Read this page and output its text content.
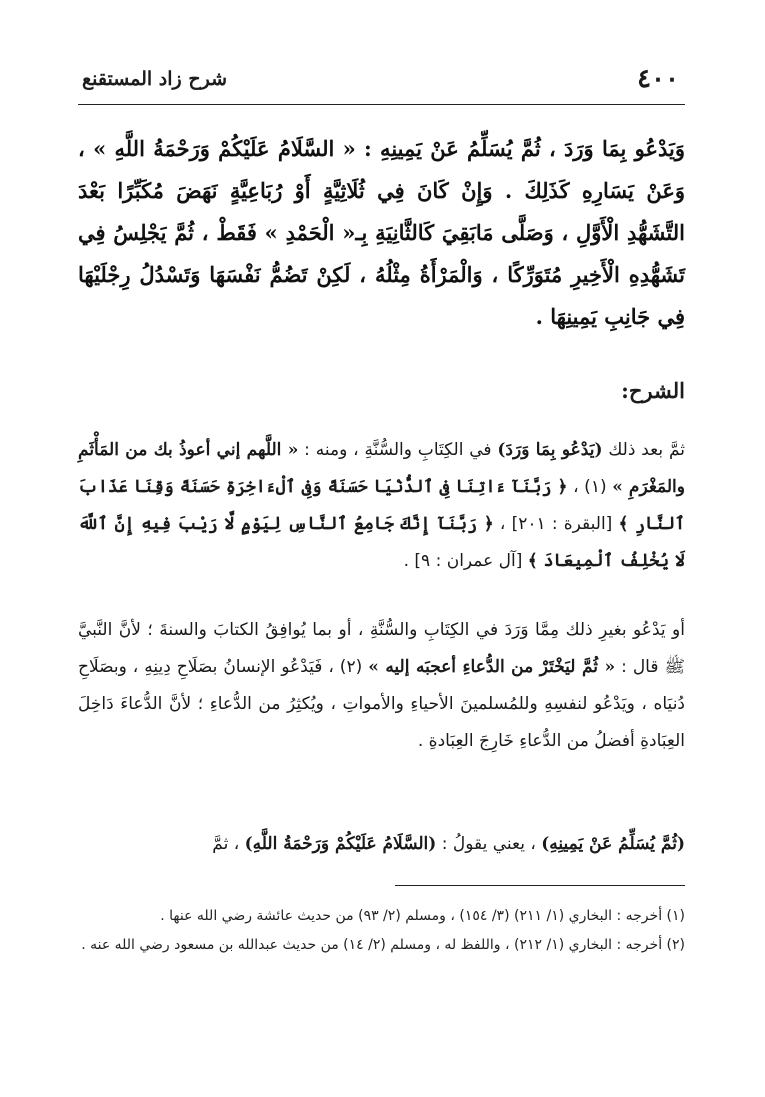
٤٠٠
شرح زاد المستقنع
وَيَدْعُو بِمَا وَرَدَ ، ثُمَّ يُسَلِّمُ عَنْ يَمِينِهِ : « السَّلَامُ عَلَيْكُمْ وَرَحْمَةُ اللَّهِ » ، وَعَنْ يَسَارِهِ كَذَلِكَ . وَإِنْ كَانَ فِي ثُلَاثِيَّةٍ أَوْ رُبَاعِيَّةٍ نَهَضَ مُكَبِّرًا بَعْدَ التَّشَهُّدِ الْأَوَّلِ ، وَصَلَّى مَابَقِيَ كَالثَّانِيَةِ بِـ« الْحَمْدِ » فَقَطْ ، ثُمَّ يَجْلِسُ فِي تَشَهُّدِهِ الْأَخِيرِ مُتَوَرِّكًا ، وَالْمَرْأَةُ مِثْلُهُ ، لَكِنْ تَضُمُّ نَفْسَهَا وَتَسْدُلُ رِجْلَيْهَا فِي جَانِبِ يَمِينِهَا .
الشرح:
ثمَّ بعد ذلك (يَدْعُو بِمَا وَرَدَ) في الكِتَابِ والسُّنَّةِ ، ومنه : « اللَّهم إني أعوذُ بك من المَأْثَمِ والمَغْرَمِ » (١) ، ﴿ رَبَّنَآ ءَاتِنَا فِى ٱلدُّنْيَا حَسَنَةً وَفِى ٱلْءَاخِرَةِ حَسَنَةً وَقِنَا عَذَابَ ٱلنَّارِ ﴾ [البقرة : ٢٠١] ، ﴿ رَبَّنَآ إِنَّكَ جَامِعُ ٱلنَّاسِ لِيَوْمٍ لَّا رَيْبَ فِيهِ إِنَّ ٱللَّهَ لَا يُخْلِفُ ٱلْمِيعَادَ ﴾ [آل عمران : ٩] .
أو يَدْعُو بغيرِ ذلك مِمَّا وَرَدَ في الكِتَابِ والسُّنَّةِ ، أو بما يُوافِقُ الكتابَ والسنةَ ؛ لأنَّ النَّبيَّ ﷺ قال : « ثُمَّ ليَخْتَرْ من الدُّعاءِ أعجبَه إليه » (٢) ، فَيَدْعُو الإنسانُ بصَلَاحِ دِينِهِ ، وبصَلَاحِ دُنيَاه ، ويَدْعُو لنفسِهِ وللمُسلمينَ الأحياءِ والأمواتِ ، ويُكثِرُ من الدُّعاءِ ؛ لأنَّ الدُّعاءَ دَاخِلَ العِبَادةِ أفضلُ من الدُّعاءِ خَارِجَ العِبَادةِ .
(ثُمَّ يُسَلِّمُ عَنْ يَمِينِهِ) ، يعني يقولُ : (السَّلَامُ عَلَيْكُمْ وَرَحْمَةُ اللَّهِ) ، ثمَّ

(١) أخرجه : البخاري (١/ ٢١١) (٣/ ١٥٤) ، ومسلم (٢/ ٩٣) من حديث عائشة رضي الله عنها .

(٢) أخرجه : البخاري (١/ ٢١٢) ، واللفظ له ، ومسلم (٢/ ١٤) من حديث عبدالله بن مسعود رضي الله عنه .
